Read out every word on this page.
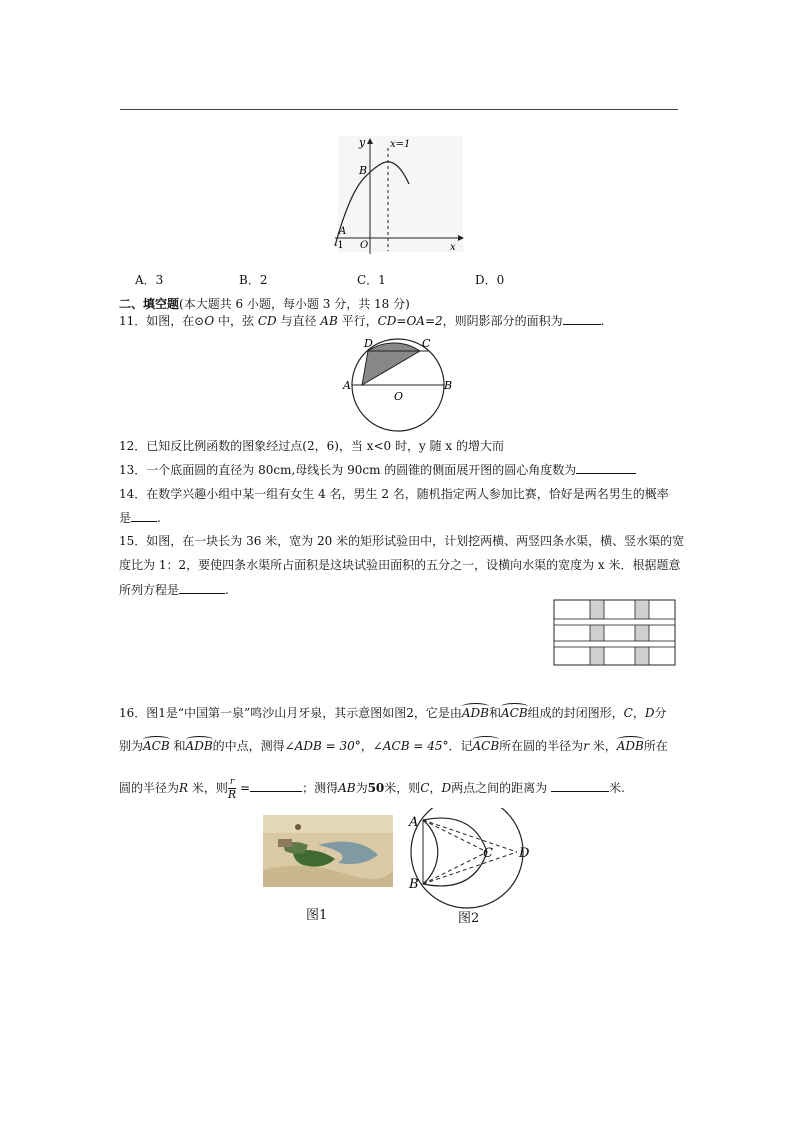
y x=1
B
A
-1 O	x
A．3	B．2	C．1	D．0
二、填空题(本大题共 6 小题，每小题 3 分，共 18 分)
11．如图，在⊙O 中，弦 CD 与直径 AB 平行，CD=OA=2，则阴影部分的面积为	.
D	C
A	B
O
12．已知反比例函数的图象经过点(2，6)，当 x<0 时，y 随 x 的增大而
13．一个底面圆的直径为 80cm,母线长为 90cm 的圆锥的侧面展开图的圆心角度数为
14．在数学兴趣小组中某一组有女生 4 名，男生 2 名，随机指定两人参加比赛，恰好是两名男生的概率
是 .
15．如图，在一块长为 36 米，宽为 20 米的矩形试验田中，计划挖两横、两竖四条水渠，横、竖水渠的宽
度比为 1：2，要使四条水渠所占面积是这块试验田面积的五分之一，设横向水渠的宽度为 x 米．根据题意
所列方程是	.
16．图1是“中国第一泉”鸣沙山月牙泉，其示意图如图2，它是由ADB和ACB组成的封闭图形，C，D分
别为ACB 和ADB的中点，测得∠ADB = 30°，∠ACB = 45°．记ACB所在圆的半径为r 米，ADB所在
圆的半径为R 米，则 $\frac{r}{R}$ =	；测得AB为50米，则C，D两点之间的距离为	米.
图1
A
B
C D
图2
